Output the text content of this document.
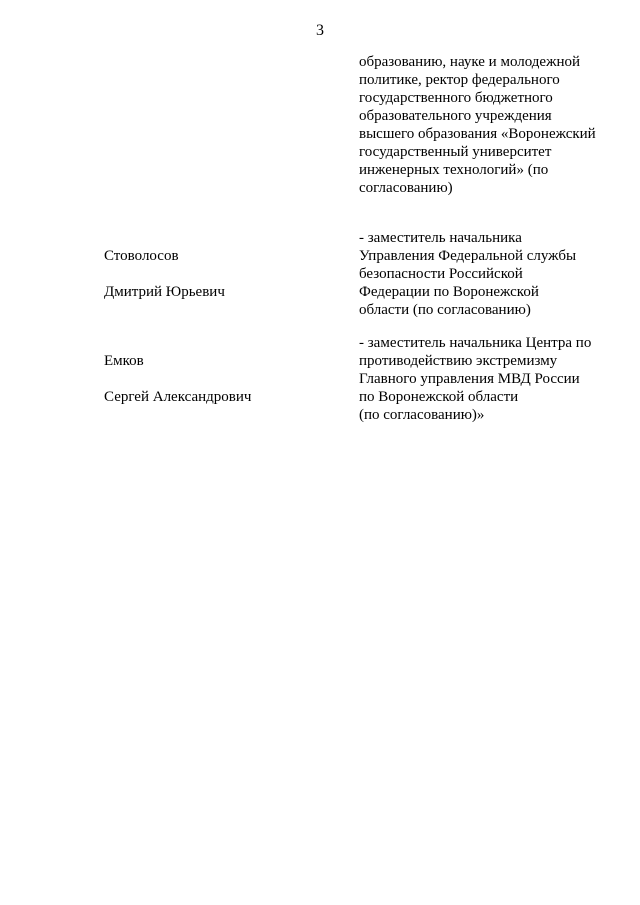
3
образованию, науке и молодежной
политике, ректор федерального
государственного бюджетного
образовательного учреждения
высшего образования «Воронежский
государственный университет
инженерных технологий» (по
согласованию)

Стоволосов

Дмитрий Юрьевич

- заместитель начальника
Управления Федеральной службы
безопасности Российской
Федерации по Воронежской
области (по согласованию)

Емков

Сергей Александрович

- заместитель начальника Центра по
противодействию экстремизму
Главного управления МВД России
по Воронежской области
(по согласованию)»
